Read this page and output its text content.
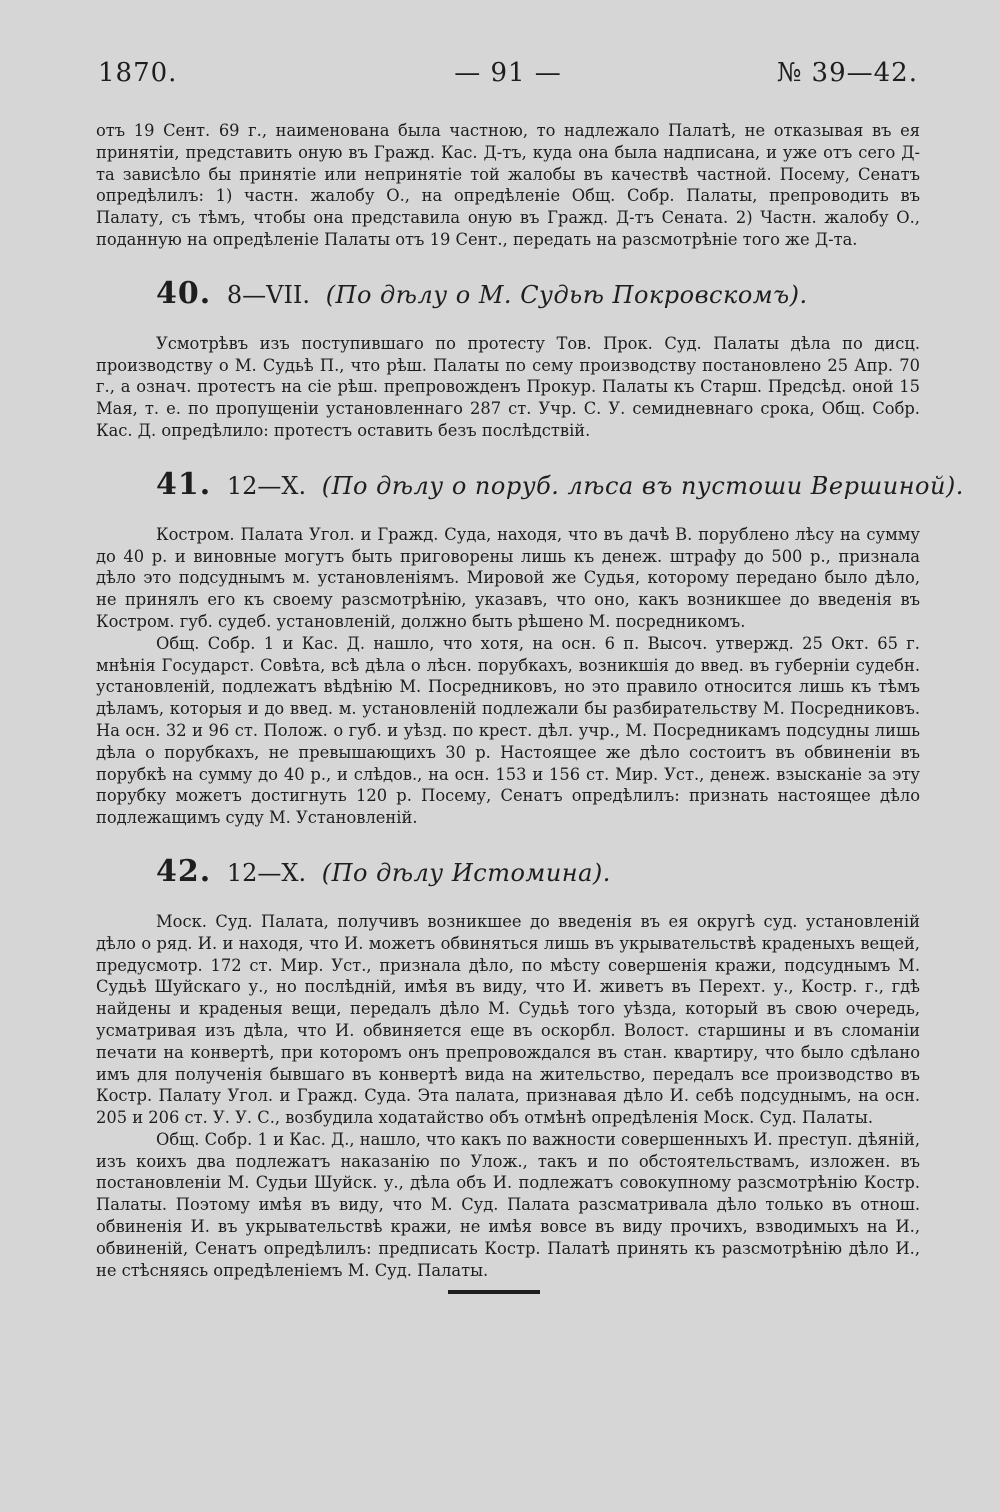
1870.	— 91 —	№ 39—42.

отъ 19 Сент. 69 г., наименована была частною, то надлежало Палатѣ, не отказывая въ ея принятіи, представить оную въ Гражд. Кас. Д-тъ, куда она была надписана, и уже отъ сего Д-та зависѣло бы принятіе или непринятіе той жалобы въ качествѣ частной. Посему, Сенатъ опредѣлилъ: 1) частн. жалобу О., на опредѣленіе Общ. Собр. Палаты, препроводить въ Палату, съ тѣмъ, чтобы она представила оную въ Гражд. Д-тъ Сената. 2) Частн. жалобу О., поданную на опредѣленіе Палаты отъ 19 Сент., передать на разсмотрѣніе того же Д-та.

40. 8—VII. (По дѣлу о М. Судьѣ Покровскомъ).

Усмотрѣвъ изъ поступившаго по протесту Тов. Прок. Суд. Палаты дѣла по дисц. производству о М. Судьѣ П., что рѣш. Палаты по сему производству постановлено 25 Апр. 70 г., а означ. протестъ на сіе рѣш. препровожденъ Прокур. Палаты къ Старш. Предсѣд. оной 15 Мая, т. е. по пропущеніи установленнаго 287 ст. Учр. С. У. семидневнаго срока, Общ. Собр. Кас. Д. опредѣлило: протестъ оставить безъ послѣдствій.

41. 12—X. (По дѣлу о поруб. лѣса въ пустоши Вершиной).

Костром. Палата Угол. и Гражд. Суда, находя, что въ дачѣ В. порублено лѣсу на сумму до 40 р. и виновные могутъ быть приговорены лишь къ денеж. штрафу до 500 р., признала дѣло это подсуднымъ м. установленіямъ. Мировой же Судья, которому передано было дѣло, не принялъ его къ своему разсмотрѣнію, указавъ, что оно, какъ возникшее до введенія въ Костром. губ. судеб. установленій, должно быть рѣшено М. посредникомъ.

Общ. Собр. 1 и Кас. Д. нашло, что хотя, на осн. 6 п. Высоч. утвержд. 25 Окт. 65 г. мнѣнія Государст. Совѣта, всѣ дѣла о лѣсн. порубкахъ, возникшія до введ. въ губерніи судебн. установленій, подлежатъ вѣдѣнію М. Посредниковъ, но это правило относится лишь къ тѣмъ дѣламъ, которыя и до введ. м. установленій подлежали бы разбирательству М. Посредниковъ. На осн. 32 и 96 ст. Полож. о губ. и уѣзд. по крест. дѣл. учр., М. Посредникамъ подсудны лишь дѣла о порубкахъ, не превышающихъ 30 р. Настоящее же дѣло состоитъ въ обвиненіи въ порубкѣ на сумму до 40 р., и слѣдов., на осн. 153 и 156 ст. Мир. Уст., денеж. взысканіе за эту порубку можетъ достигнуть 120 р. Посему, Сенатъ опредѣлилъ: признать настоящее дѣло подлежащимъ суду М. Установленій.

42. 12—X. (По дѣлу Истомина).

Моск. Суд. Палата, получивъ возникшее до введенія въ ея округѣ суд. установленій дѣло о ряд. И. и находя, что И. можетъ обвиняться лишь въ укрывательствѣ краденыхъ вещей, предусмотр. 172 ст. Мир. Уст., признала дѣло, по мѣсту совершенія кражи, подсуднымъ М. Судьѣ Шуйскаго у., но послѣдній, имѣя въ виду, что И. живетъ въ Перехт. у., Костр. г., гдѣ найдены и краденыя вещи, передалъ дѣло М. Судьѣ того уѣзда, который въ свою очередь, усматривая изъ дѣла, что И. обвиняется еще въ оскорбл. Волост. старшины и въ сломаніи печати на конвертѣ, при которомъ онъ препровождался въ стан. квартиру, что было сдѣлано имъ для полученія бывшаго въ конвертѣ вида на жительство, передалъ все производство въ Костр. Палату Угол. и Гражд. Суда. Эта палата, признавая дѣло И. себѣ подсуднымъ, на осн. 205 и 206 ст. У. У. С., возбудила ходатайство объ отмѣнѣ опредѣленія Моск. Суд. Палаты.

Общ. Собр. 1 и Кас. Д., нашло, что какъ по важности совершенныхъ И. преступ. дѣяній, изъ коихъ два подлежатъ наказанію по Улож., такъ и по обстоятельствамъ, изложен. въ постановленіи М. Судьи Шуйск. у., дѣла объ И. подлежатъ совокупному разсмотрѣнію Костр. Палаты. Поэтому имѣя въ виду, что М. Суд. Палата разсматривала дѣло только въ отнош. обвиненія И. въ укрывательствѣ кражи, не имѣя вовсе въ виду прочихъ, взводимыхъ на И., обвиненій, Сенатъ опредѣлилъ: предписать Костр. Палатѣ принять къ разсмотрѣнію дѣло И., не стѣсняясь опредѣленіемъ М. Суд. Палаты.
